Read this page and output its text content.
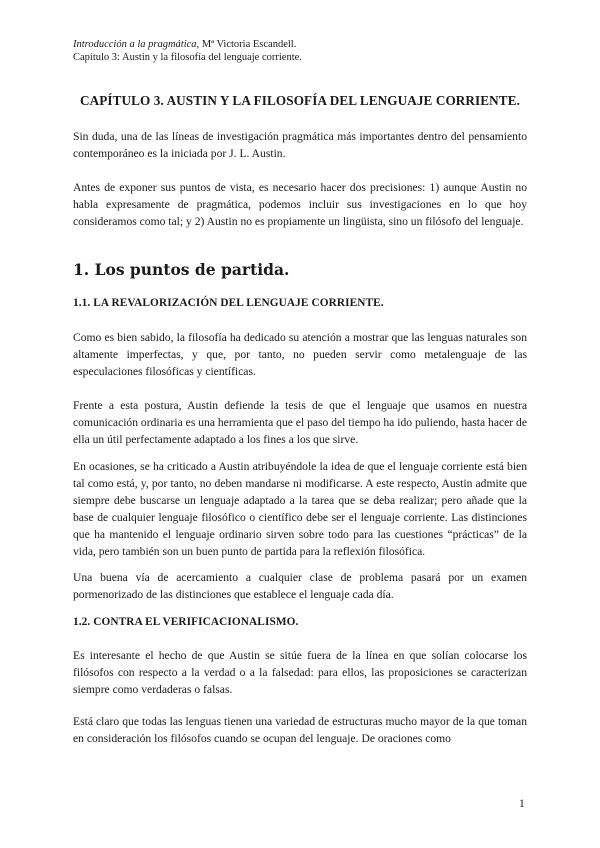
Introducción a la pragmática, Mª Victoria Escandell.
Capítulo 3: Austin y la filosofía del lenguaje corriente.
CAPÍTULO 3. AUSTIN Y LA FILOSOFÍA DEL LENGUAJE CORRIENTE.

Sin duda, una de las líneas de investigación pragmática más importantes dentro del pensamiento contemporáneo es la iniciada por J. L. Austin.

Antes de exponer sus puntos de vista, es necesario hacer dos precisiones: 1) aunque Austin no habla expresamente de pragmática, podemos incluir sus investigaciones en lo que hoy consideramos como tal; y 2) Austin no es propiamente un lingüista, sino un filósofo del lenguaje.

1. Los puntos de partida.
1.1. LA REVALORIZACIÓN DEL LENGUAJE CORRIENTE.

Como es bien sabido, la filosofía ha dedicado su atención a mostrar que las lenguas naturales son altamente imperfectas, y que, por tanto, no pueden servir como metalenguaje de las especulaciones filosóficas y científicas.

Frente a esta postura, Austin defiende la tesis de que el lenguaje que usamos en nuestra comunicación ordinaria es una herramienta que el paso del tiempo ha ido puliendo, hasta hacer de ella un útil perfectamente adaptado a los fines a los que sirve.

En ocasiones, se ha criticado a Austin atribuyéndole la idea de que el lenguaje corriente está bien tal como está, y, por tanto, no deben mandarse ni modificarse. A este respecto, Austin admite que siempre debe buscarse un lenguaje adaptado a la tarea que se deba realizar; pero añade que la base de cualquier lenguaje filosófico o científico debe ser el lenguaje corriente. Las distinciones que ha mantenido el lenguaje ordinario sirven sobre todo para las cuestiones “prácticas” de la vida, pero también son un buen punto de partida para la reflexión filosófica.

Una buena vía de acercamiento a cualquier clase de problema pasará por un examen pormenorizado de las distinciones que establece el lenguaje cada día.

1.2. CONTRA EL VERIFICACIONALISMO.

Es interesante el hecho de que Austin se sitúe fuera de la línea en que solían colocarse los filósofos con respecto a la verdad o a la falsedad: para ellos, las proposiciones se caracterizan siempre como verdaderas o falsas.

Está claro que todas las lenguas tienen una variedad de estructuras mucho mayor de la que toman en consideración los filósofos cuando se ocupan del lenguaje. De oraciones como

1
